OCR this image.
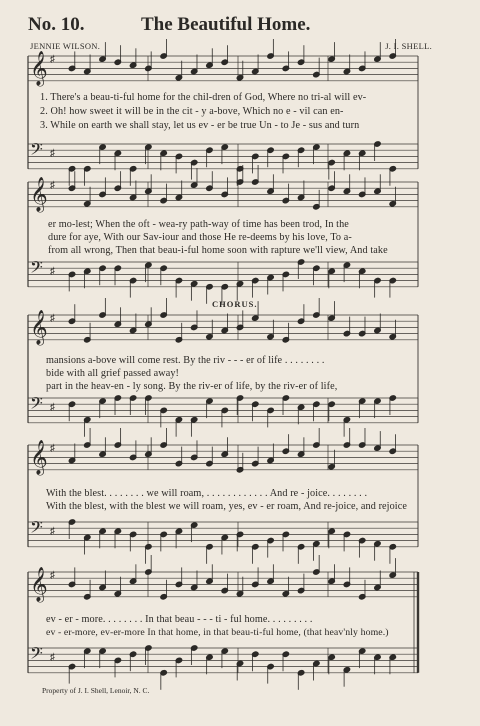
No. 10.	The Beautiful Home.
JENNIE WILSON.	J. I. SHELL.
𝄞 ♯
𝄢 ♯
𝄞 ♯
𝄢 ♯
𝄞 ♯
𝄢 ♯
𝄞 ♯
𝄢 ♯
𝄞 ♯
𝄢 ♯
1. There's a beau-ti-ful home for the chil-dren of God, Where no tri-al will ev-
2. Oh! how sweet it will be in the cit - y a-bove, Which no e - vil can en-
3. While on earth we shall stay, let us ev - er be true Un - to Je - sus and turn
er mo-lest; When the oft - wea-ry path-way of time has been trod, In the
dure for aye, With our Sav-iour and those He re-deems by his love, To a-
from all wrong, Then that beau-i-ful home soon with rapture we'll view, And take
CHORUS.
mansions a-bove will come rest. By the riv - - - er of life . . . . . . . .
bide with all grief passed away!
part in the heav-en - ly song. By the riv-er of life, by the riv-er of life,
With the blest. . . . . . . . we will roam, . . . . . . . . . . . . And re - joice. . . . . . . .
With the blest, with the blest we will roam, yes, ev - er roam, And re-joice, and rejoice
ev - er - more. . . . . . . . In that beau - - - ti - ful home. . . . . . . . .
ev - er-more, ev-er-more In that home, in that beau-ti-ful home, (that heav'nly home.)
Property of J. I. Shell, Lenoir, N. C.
